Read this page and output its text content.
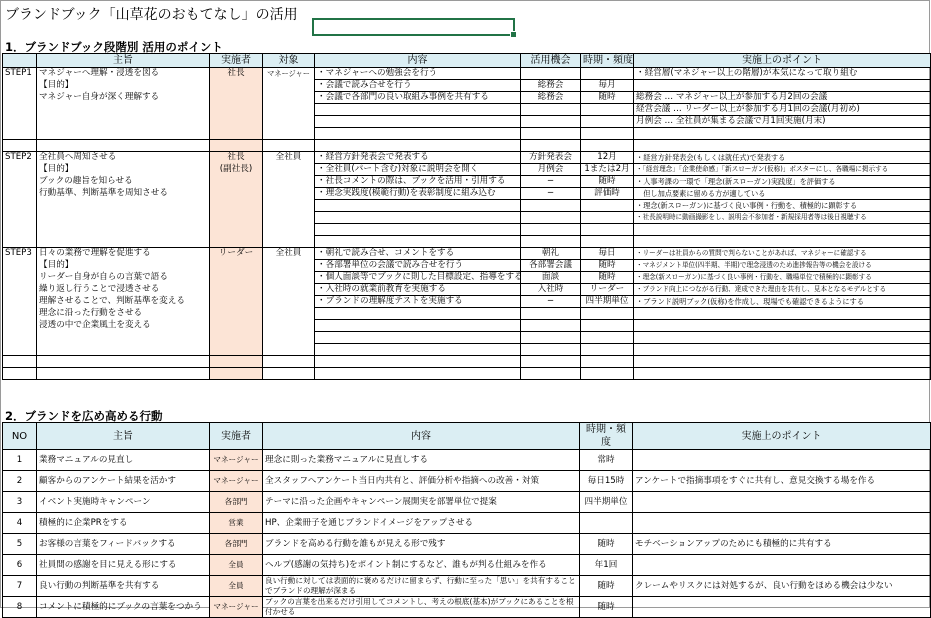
ブランドブック「山草花のおもてなし」の活用
1．ブランドブック段階別 活用のポイント
	主旨	実施者	対象	内容	活用機会	時期・頻度	実施上のポイント
STEP1	マネジャーへ理解・浸透を図る	社長	マネージャー	・マネジャーへの勉強会を行う			・経営層(マネジャー以上の階層)が本気になって取り組む
	【目的】			・会議で読み合せを行う	総務会	毎月	
	マネジャー自身が深く理解する			・会議で各部門の良い取組み事例を共有する	総務会	随時	総務会 … マネジャー以上が参加する月2回の会議
							経営会議 … リーダー以上が参加する月1回の会議(月初め)
							月例会 … 全社員が集まる会議で月1回実施(月末)

STEP2	全社員へ周知させる	社長	全社員	・経営方針発表会で発表する	方針発表会	12月	・経営方針発表会(もしくは就任式)で発表する
	【目的】	(副社長)		・全社員(パート含む)対象に説明会を開く	月例会	1または2月	・「経営理念」「企業使命感」「新スローガン(仮称)」ポスターにし、各職場に掲示する
	ブックの趣旨を知らせる			・社長コメントの際は、ブックを活用・引用する	−	随時	・人事考課の一環で「理念(新スローガン)実践度」を評価する
	行動基準、判断基準を周知させる			・理念実践度(模範行動)を表彰制度に組み込む	−	評価時	　但し加点要素に留める方が適している
							・理念(新スローガン)に基づく良い事例・行動を、積極的に顕彰する
							・社長説明時に動画撮影をし、説明会不参加者・新規採用者等は後日視聴する

STEP3	日々の業務で理解を促進する	リーダー	全社員	・朝礼で読み合せ、コメントをする	朝礼	毎日	・リーダーは社員からの質問で判らないことがあれば、マネジャーに確認する
	【目的】			・各部署単位の会議で読み合せを行う	各部署会議	随時	・マネジメント単位(四半期、半期)で理念浸透のため進捗報告等の機会を設ける
	リーダー自身が自らの言葉で語る			・個人面談等でブックに則した目標設定、指導をする	面談	随時	・理念(新スローガン)に基づく良い事例・行動を、職場単位で積極的に顕彰する
	繰り返し行うことで浸透させる			・入社時の就業前教育を実施する	入社時	リーダー	・ブランド向上につながる行動、達成できた理由を共有し、見本となるモデルとする
	理解させることで、判断基準を変える			・ブランドの理解度テストを実施する	−	四半期単位	・ブランド説明ブック(仮称)を作成し、現場でも確認できるようにする
	理念に沿った行動をさせる						
	浸透の中で企業風土を変える						

2．ブランドを広め高める行動
NO	主旨	実施者	内容	時期・頻度	実施上のポイント
1	業務マニュアルの見直し	マネージャー	理念に則った業務マニュアルに見直しする	常時	
2	顧客からのアンケート結果を活かす	マネージャー	全スタッフへアンケート当日内共有と、評価分析や指摘への改善・対策	毎日15時	アンケートで指摘事項をすぐに共有し、意見交換する場を作る
3	イベント実施時キャンペーン	各部門	テーマに沿った企画やキャンペーン展開実を部署単位で提案	四半期単位	
4	積極的に企業PRをする	営業	HP、企業冊子を通じブランドイメージをアップさせる		
5	お客様の言葉をフィードバックする	各部門	ブランドを高める行動を誰もが見える形で残す	随時	モチベーションアップのためにも積極的に共有する
6	社員間の感謝を目に見える形にする	全員	ヘルプ(感謝の気持ち)をポイント制にするなど、誰もが判る仕組みを作る	年1回	
7	良い行動の判断基準を共有する	全員	良い行動に対しては表面的に褒めるだけに留まらず、行動に至った「思い」を共有することでブランドの理解が深まる	随時	クレームやリスクには対処するが、良い行動をほめる機会は少ない
8	コメントに積極的にブックの言葉をつかう	マネージャー	ブックの言葉を出来るだけ引用してコメントし、考えの根底(基本)がブックにあることを根付かせる	随時	
